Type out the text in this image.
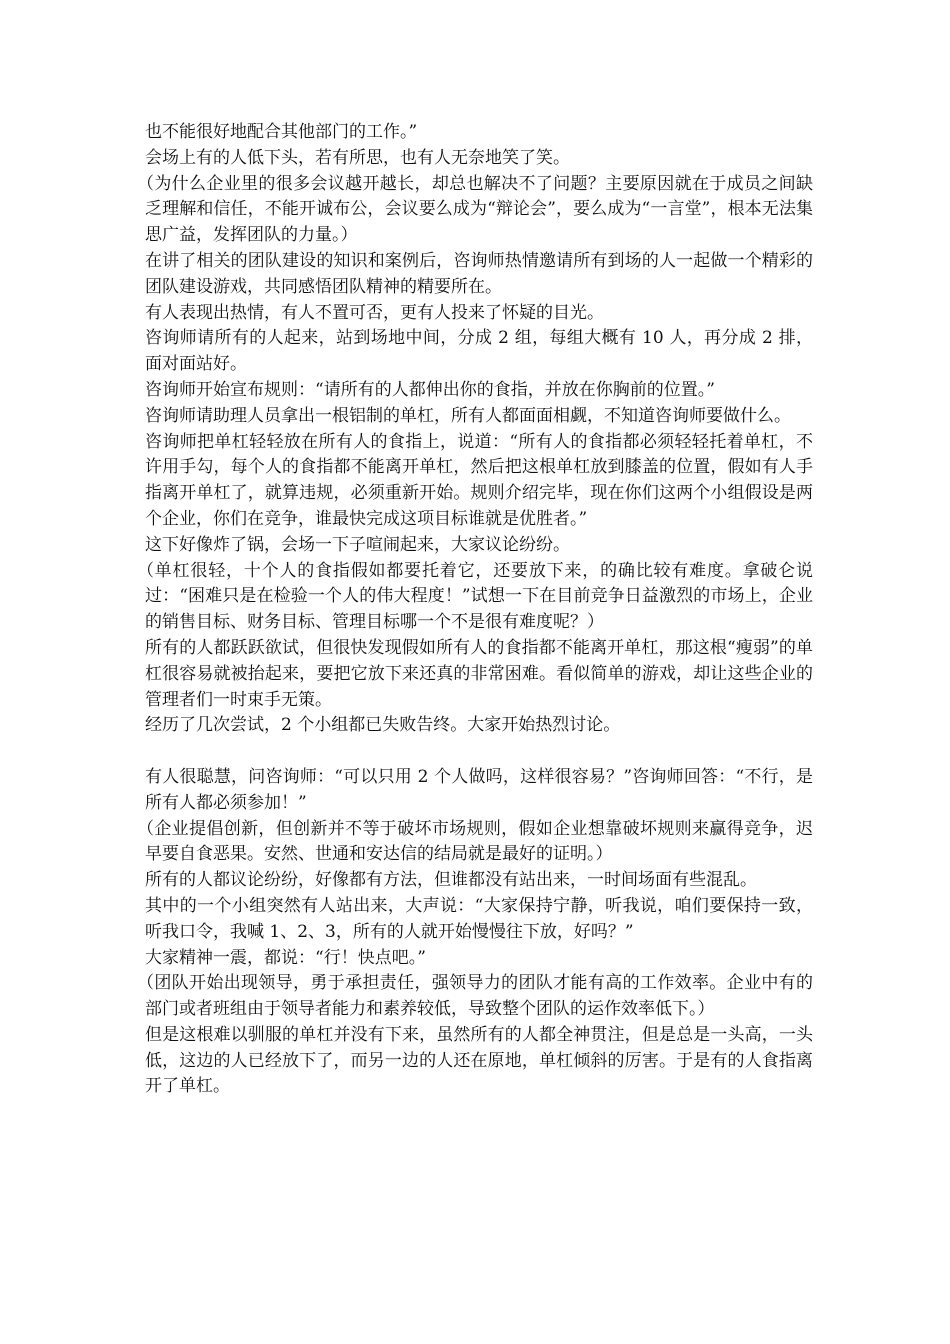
也不能很好地配合其他部门的工作。”

会场上有的人低下头，若有所思，也有人无奈地笑了笑。

（为什么企业里的很多会议越开越长，却总也解决不了问题？主要原因就在于成员之间缺乏理解和信任，不能开诚布公，会议要么成为“辩论会”，要么成为“一言堂”，根本无法集思广益，发挥团队的力量。）

在讲了相关的团队建设的知识和案例后，咨询师热情邀请所有到场的人一起做一个精彩的团队建设游戏，共同感悟团队精神的精要所在。

有人表现出热情，有人不置可否，更有人投来了怀疑的目光。

咨询师请所有的人起来，站到场地中间，分成 2 组，每组大概有 10 人，再分成 2 排，面对面站好。

咨询师开始宣布规则：“请所有的人都伸出你的食指，并放在你胸前的位置。”

咨询师请助理人员拿出一根铝制的单杠，所有人都面面相觑，不知道咨询师要做什么。

咨询师把单杠轻轻放在所有人的食指上，说道：“所有人的食指都必须轻轻托着单杠，不许用手勾，每个人的食指都不能离开单杠，然后把这根单杠放到膝盖的位置，假如有人手指离开单杠了，就算违规，必须重新开始。规则介绍完毕，现在你们这两个小组假设是两个企业，你们在竞争，谁最快完成这项目标谁就是优胜者。”

这下好像炸了锅，会场一下子喧闹起来，大家议论纷纷。

（单杠很轻，十个人的食指假如都要托着它，还要放下来，的确比较有难度。拿破仑说过：“困难只是在检验一个人的伟大程度！”试想一下在目前竞争日益激烈的市场上，企业的销售目标、财务目标、管理目标哪一个不是很有难度呢？）

所有的人都跃跃欲试，但很快发现假如所有人的食指都不能离开单杠，那这根“瘦弱”的单杠很容易就被抬起来，要把它放下来还真的非常困难。看似简单的游戏，却让这些企业的管理者们一时束手无策。

经历了几次尝试，2 个小组都已失败告终。大家开始热烈讨论。

有人很聪慧，问咨询师：“可以只用 2 个人做吗，这样很容易？”咨询师回答：“不行，是所有人都必须参加！”

（企业提倡创新，但创新并不等于破坏市场规则，假如企业想靠破坏规则来赢得竞争，迟早要自食恶果。安然、世通和安达信的结局就是最好的证明。）

所有的人都议论纷纷，好像都有方法，但谁都没有站出来，一时间场面有些混乱。

其中的一个小组突然有人站出来，大声说：“大家保持宁静，听我说，咱们要保持一致，听我口令，我喊 1、2、3，所有的人就开始慢慢往下放，好吗？”

大家精神一震，都说：“行！快点吧。”

（团队开始出现领导，勇于承担责任，强领导力的团队才能有高的工作效率。企业中有的部门或者班组由于领导者能力和素养较低，导致整个团队的运作效率低下。）

但是这根难以驯服的单杠并没有下来，虽然所有的人都全神贯注，但是总是一头高，一头低，这边的人已经放下了，而另一边的人还在原地，单杠倾斜的厉害。于是有的人食指离开了单杠。
